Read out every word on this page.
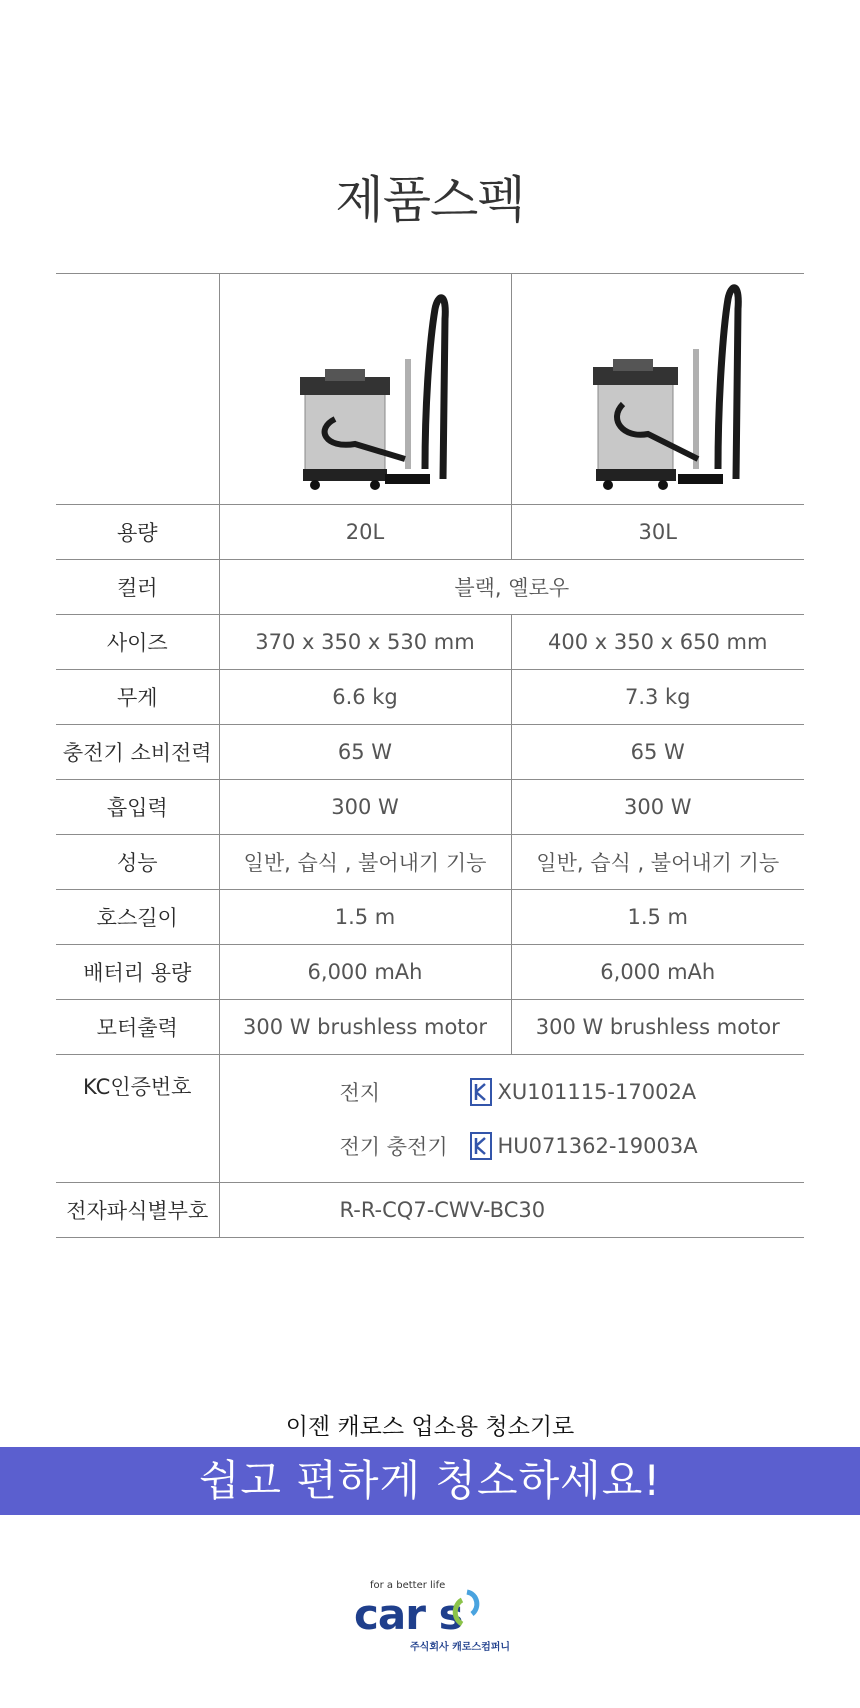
제품스펙

용량	20L	30L
컬러	블랙, 옐로우	
사이즈	370 x 350 x 530 mm	400 x 350 x 650 mm
무게	6.6 kg	7.3 kg
충전기 소비전력	65 W	65 W
흡입력	300 W	300 W
성능	일반, 습식 , 불어내기 기능	일반, 습식 , 불어내기 기능
호스길이	1.5 m	1.5 m
배터리 용량	6,000 mAh	6,000 mAh
모터출력	300 W brushless motor	300 W brushless motor
KC인증번호	전지 XU101115-17002A
전기 충전기 HU071362-19003A	

전자파식별부호	R-R-CQ7-CWV-BC30	
이젠 캐로스 업소용 청소기로
쉽고 편하게 청소하세요!
for a better life
car s
주식회사 캐로스컴퍼니
